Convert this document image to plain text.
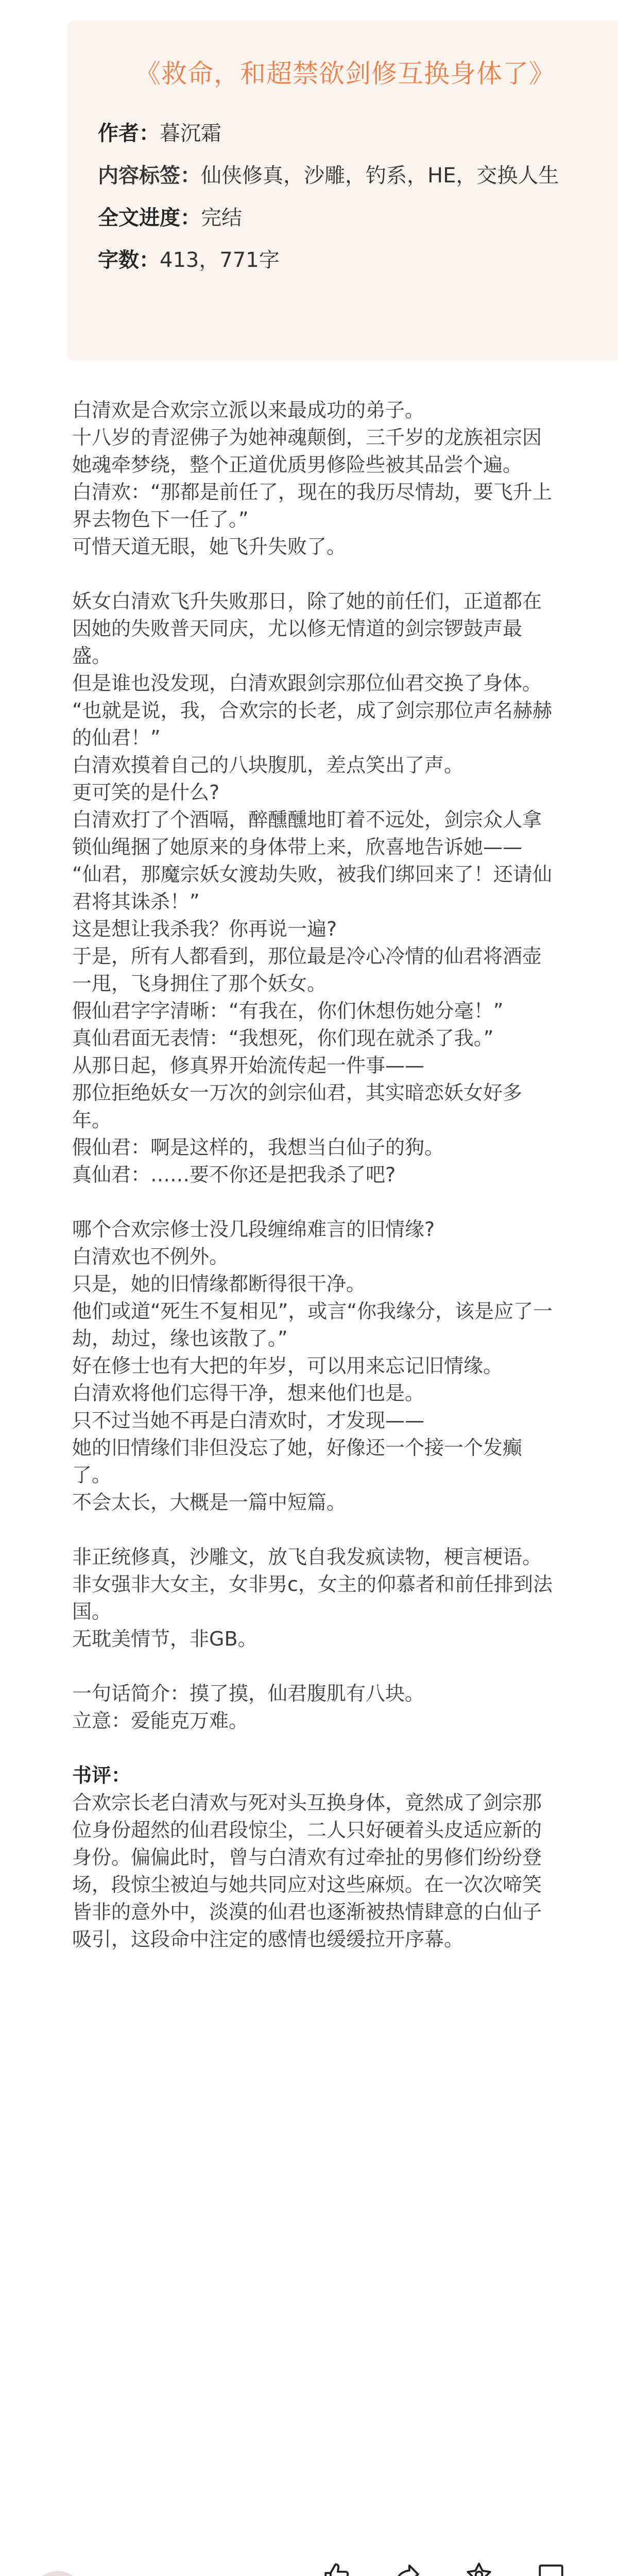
《救命，和超禁欲剑修互换身体了》
作者：暮沉霜
内容标签：仙侠修真，沙雕，钓系，HE，交换人生
全文进度：完结
字数：413，771字

白清欢是合欢宗立派以来最成功的弟子。

十八岁的青涩佛子为她神魂颠倒，三千岁的龙族祖宗因她魂牵梦绕，整个正道优质男修险些被其品尝个遍。

白清欢：“那都是前任了，现在的我历尽情劫，要飞升上界去物色下一任了。”

可惜天道无眼，她飞升失败了。

妖女白清欢飞升失败那日，除了她的前任们，正道都在因她的失败普天同庆，尤以修无情道的剑宗锣鼓声最盛。

但是谁也没发现，白清欢跟剑宗那位仙君交换了身体。

“也就是说，我，合欢宗的长老，成了剑宗那位声名赫赫的仙君！”

白清欢摸着自己的八块腹肌，差点笑出了声。

更可笑的是什么?

白清欢打了个酒嗝，醉醺醺地盯着不远处，剑宗众人拿锁仙绳捆了她原来的身体带上来，欣喜地告诉她——

“仙君，那魔宗妖女渡劫失败，被我们绑回来了！还请仙君将其诛杀！”

这是想让我杀我？你再说一遍?

于是，所有人都看到，那位最是冷心冷情的仙君将酒壶一甩，飞身拥住了那个妖女。

假仙君字字清晰：“有我在，你们休想伤她分毫！”

真仙君面无表情：“我想死，你们现在就杀了我。”

从那日起，修真界开始流传起一件事——

那位拒绝妖女一万次的剑宗仙君，其实暗恋妖女好多年。

假仙君：啊是这样的，我想当白仙子的狗。

真仙君：……要不你还是把我杀了吧?

哪个合欢宗修士没几段缠绵难言的旧情缘?

白清欢也不例外。

只是，她的旧情缘都断得很干净。

他们或道“死生不复相见”，或言“你我缘分，该是应了一劫，劫过，缘也该散了。”

好在修士也有大把的年岁，可以用来忘记旧情缘。

白清欢将他们忘得干净，想来他们也是。

只不过当她不再是白清欢时，才发现——

她的旧情缘们非但没忘了她，好像还一个接一个发癫了。

不会太长，大概是一篇中短篇。

非正统修真，沙雕文，放飞自我发疯读物，梗言梗语。

非女强非大女主，女非男c，女主的仰慕者和前任排到法国。

无耽美情节，非GB。

一句话简介：摸了摸，仙君腹肌有八块。

立意：爱能克万难。

书评：

合欢宗长老白清欢与死对头互换身体，竟然成了剑宗那位身份超然的仙君段惊尘，二人只好硬着头皮适应新的身份。偏偏此时，曾与白清欢有过牵扯的男修们纷纷登场，段惊尘被迫与她共同应对这些麻烦。在一次次啼笑皆非的意外中，淡漠的仙君也逐渐被热情肆意的白仙子吸引，这段命中注定的感情也缓缓拉开序幕。
